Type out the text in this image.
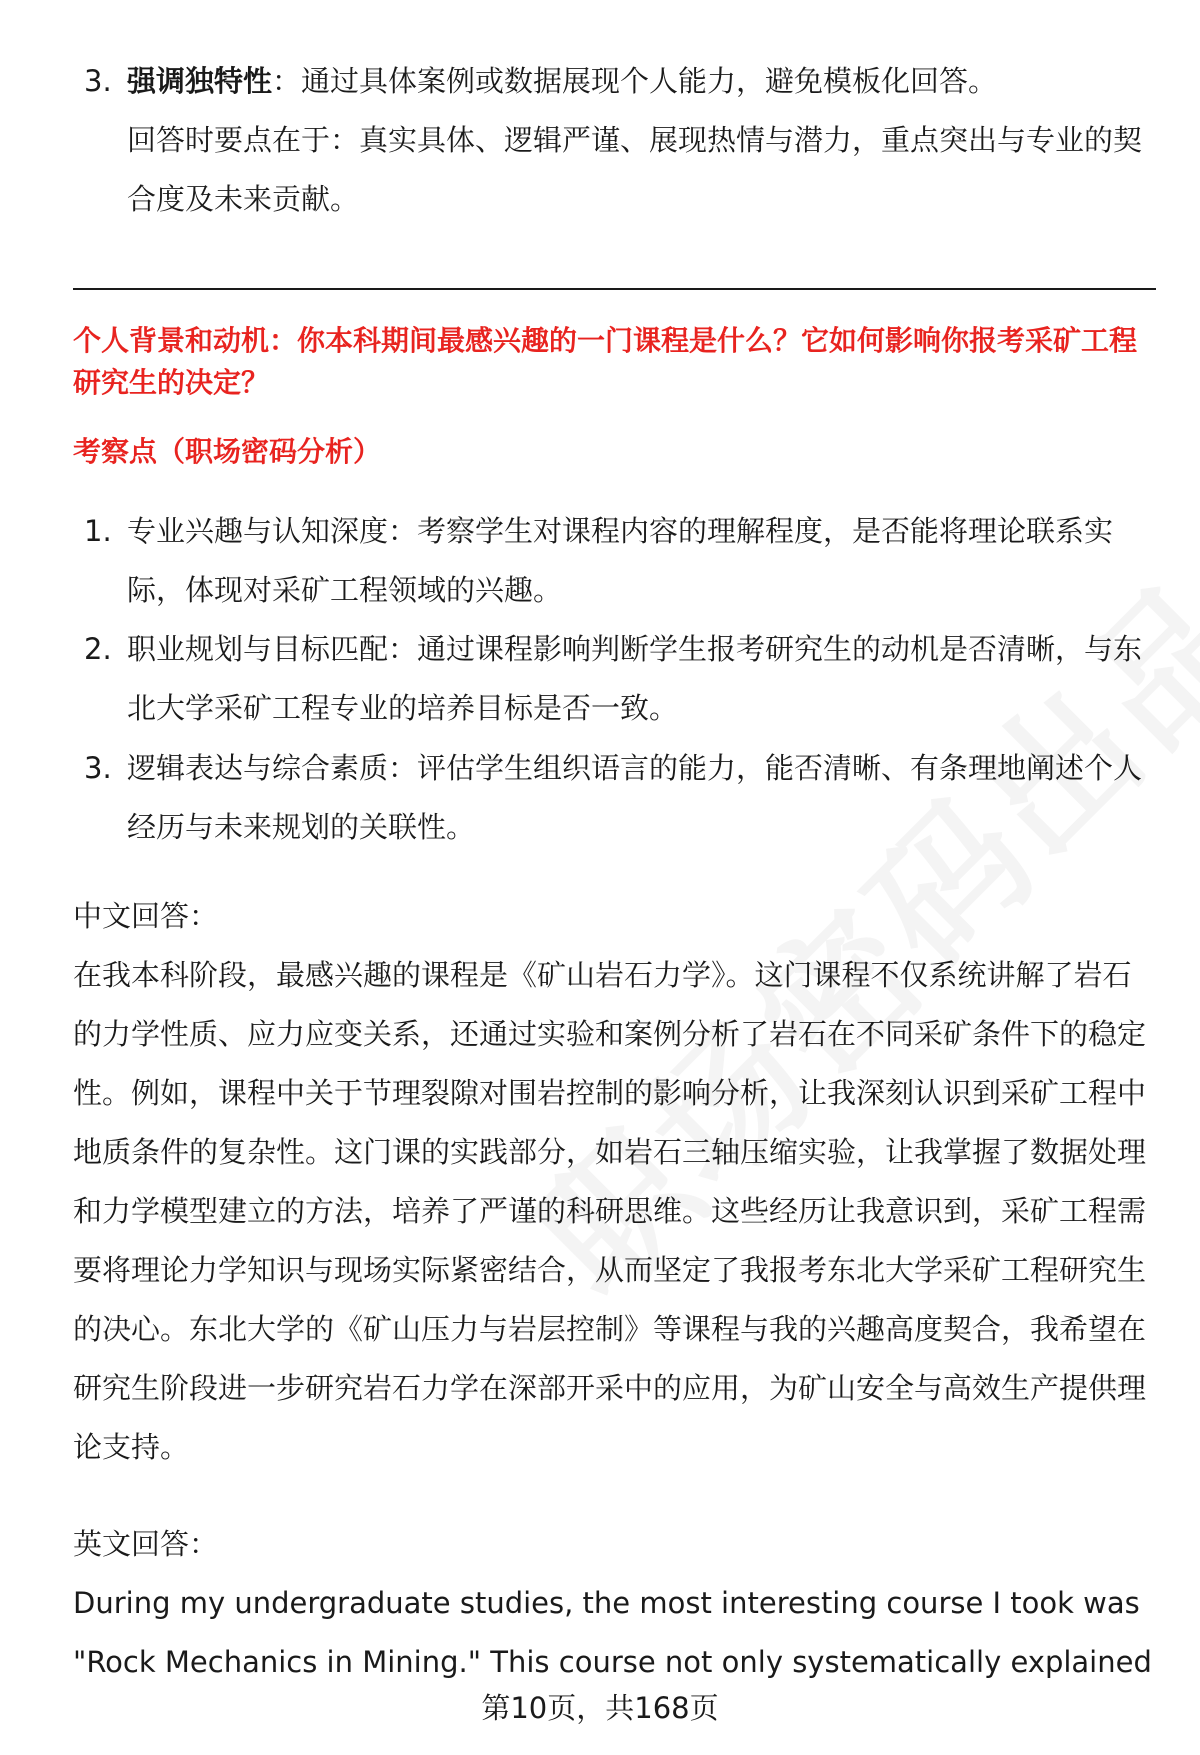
3. 强调独特性：通过具体案例或数据展现个人能力，避免模板化回答。

回答时要点在于：真实具体、逻辑严谨、展现热情与潜力，重点突出与专业的契合度及未来贡献。

个人背景和动机：你本科期间最感兴趣的一门课程是什么？它如何影响你报考采矿工程研究生的决定？

考察点（职场密码分析）

1. 专业兴趣与认知深度：考察学生对课程内容的理解程度，是否能将理论联系实际，体现对采矿工程领域的兴趣。

2. 职业规划与目标匹配：通过课程影响判断学生报考研究生的动机是否清晰，与东北大学采矿工程专业的培养目标是否一致。

3. 逻辑表达与综合素质：评估学生组织语言的能力，能否清晰、有条理地阐述个人经历与未来规划的关联性。

中文回答：

在我本科阶段，最感兴趣的课程是《矿山岩石力学》。这门课程不仅系统讲解了岩石的力学性质、应力应变关系，还通过实验和案例分析了岩石在不同采矿条件下的稳定性。例如，课程中关于节理裂隙对围岩控制的影响分析，让我深刻认识到采矿工程中地质条件的复杂性。这门课的实践部分，如岩石三轴压缩实验，让我掌握了数据处理和力学模型建立的方法，培养了严谨的科研思维。这些经历让我意识到，采矿工程需要将理论力学知识与现场实际紧密结合，从而坚定了我报考东北大学采矿工程研究生的决心。东北大学的《矿山压力与岩层控制》等课程与我的兴趣高度契合，我希望在研究生阶段进一步研究岩石力学在深部开采中的应用，为矿山安全与高效生产提供理论支持。

英文回答：

During my undergraduate studies, the most interesting course I took was

"Rock Mechanics in Mining." This course not only systematically explained

第10页，共168页
